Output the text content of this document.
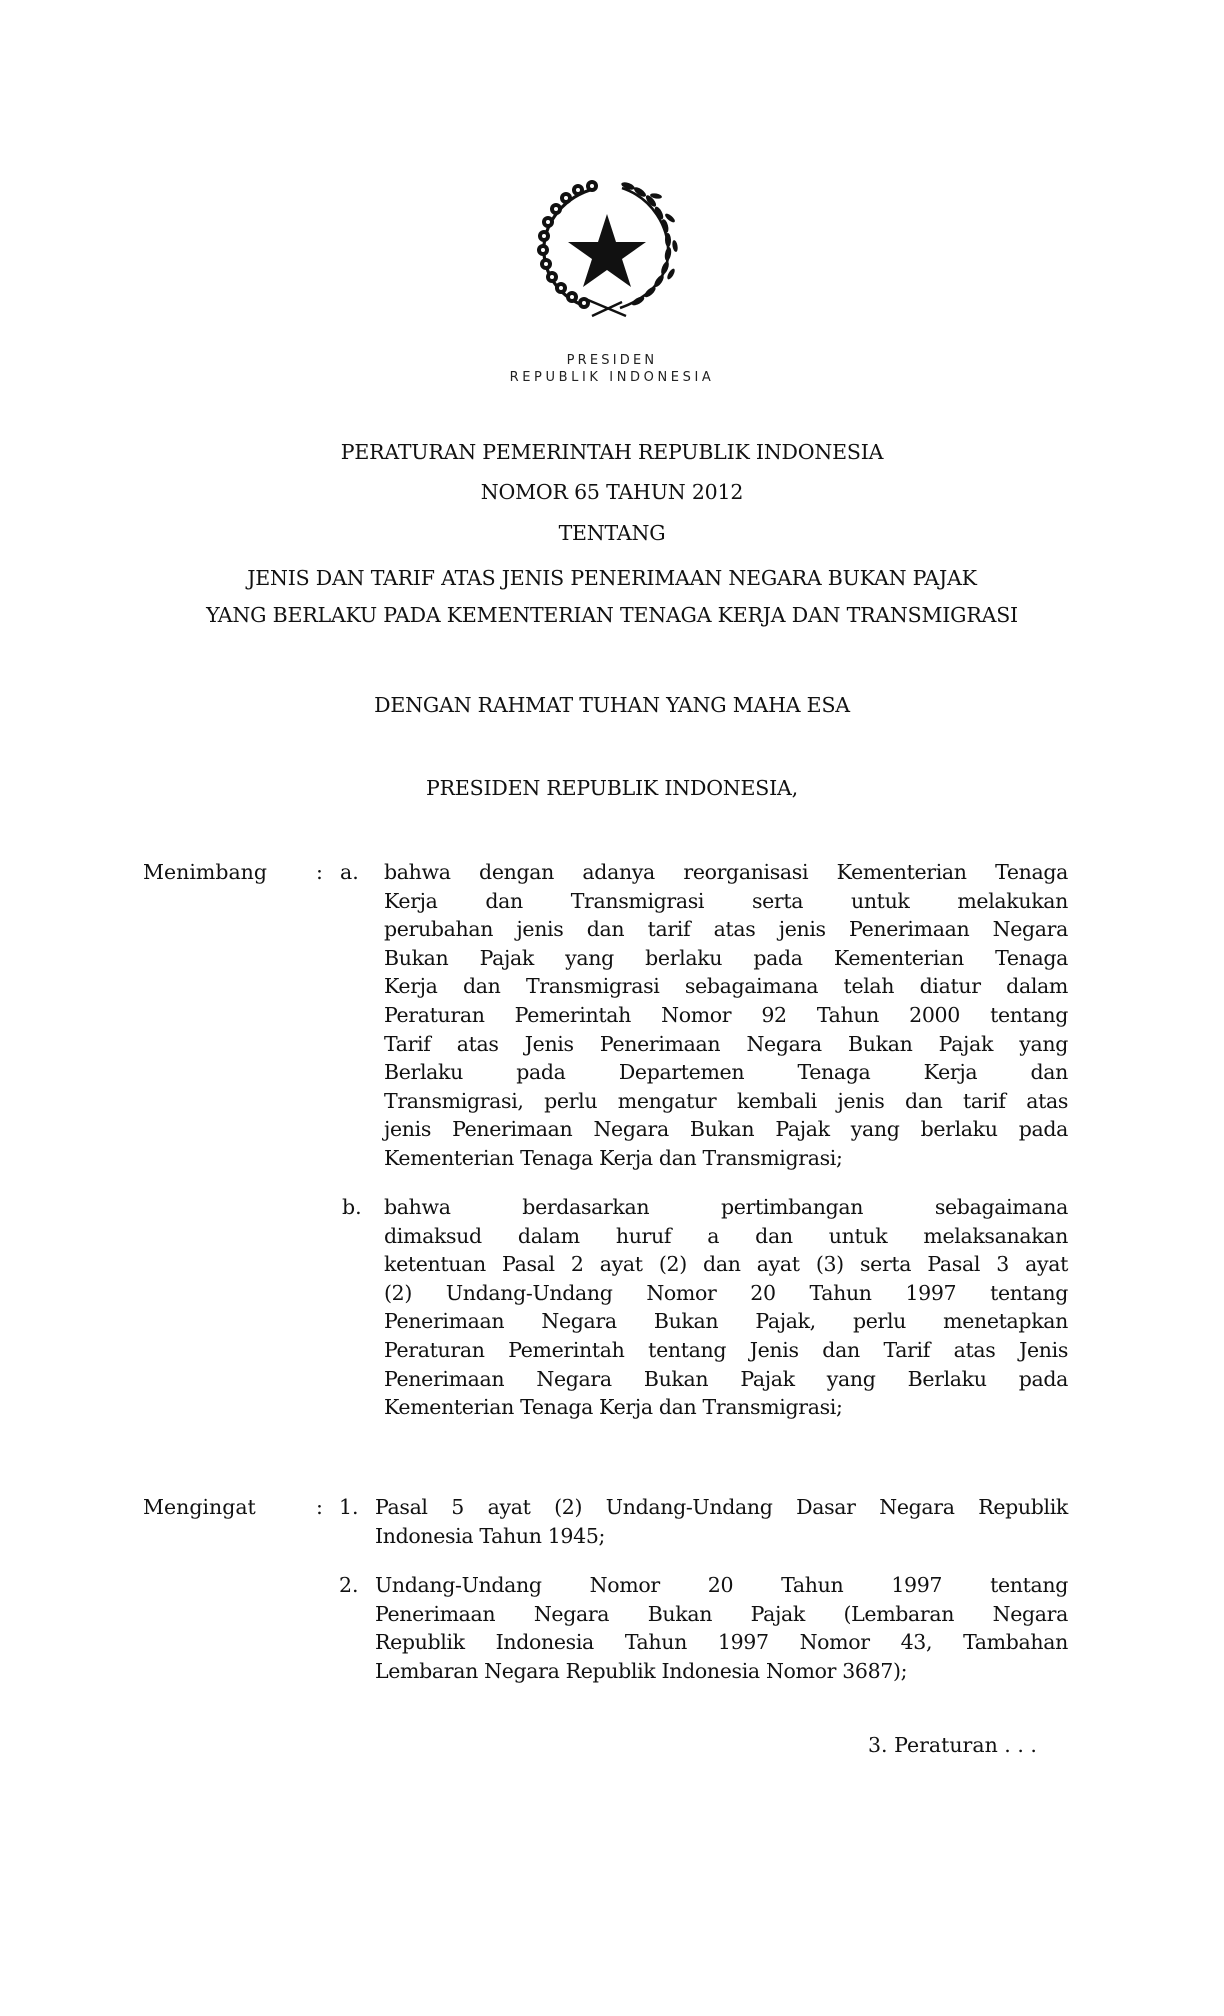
PRESIDEN
REPUBLIK INDONESIA
PERATURAN PEMERINTAH REPUBLIK INDONESIA
NOMOR 65 TAHUN 2012
TENTANG
JENIS DAN TARIF ATAS JENIS PENERIMAAN NEGARA BUKAN PAJAK
YANG BERLAKU PADA KEMENTERIAN TENAGA KERJA DAN TRANSMIGRASI
DENGAN RAHMAT TUHAN YANG MAHA ESA
PRESIDEN REPUBLIK INDONESIA,
Menimbang : a. bahwa dengan adanya reorganisasi Kementerian Tenaga
Kerja dan Transmigrasi serta untuk melakukan
perubahan jenis dan tarif atas jenis Penerimaan Negara
Bukan Pajak yang berlaku pada Kementerian Tenaga
Kerja dan Transmigrasi sebagaimana telah diatur dalam
Peraturan Pemerintah Nomor 92 Tahun 2000 tentang
Tarif atas Jenis Penerimaan Negara Bukan Pajak yang
Berlaku pada Departemen Tenaga Kerja dan
Transmigrasi, perlu mengatur kembali jenis dan tarif atas
jenis Penerimaan Negara Bukan Pajak yang berlaku pada
Kementerian Tenaga Kerja dan Transmigrasi;
b. bahwa berdasarkan pertimbangan sebagaimana
dimaksud dalam huruf a dan untuk melaksanakan
ketentuan Pasal 2 ayat (2) dan ayat (3) serta Pasal 3 ayat
(2) Undang-Undang Nomor 20 Tahun 1997 tentang
Penerimaan Negara Bukan Pajak, perlu menetapkan
Peraturan Pemerintah tentang Jenis dan Tarif atas Jenis
Penerimaan Negara Bukan Pajak yang Berlaku pada
Kementerian Tenaga Kerja dan Transmigrasi;
Mengingat	: 1. Pasal 5 ayat (2) Undang-Undang Dasar Negara Republik
Indonesia Tahun 1945;
2. Undang-Undang Nomor 20 Tahun 1997 tentang
Penerimaan Negara Bukan Pajak (Lembaran Negara
Republik Indonesia Tahun 1997 Nomor 43, Tambahan
Lembaran Negara Republik Indonesia Nomor 3687);
3. Peraturan . . .
